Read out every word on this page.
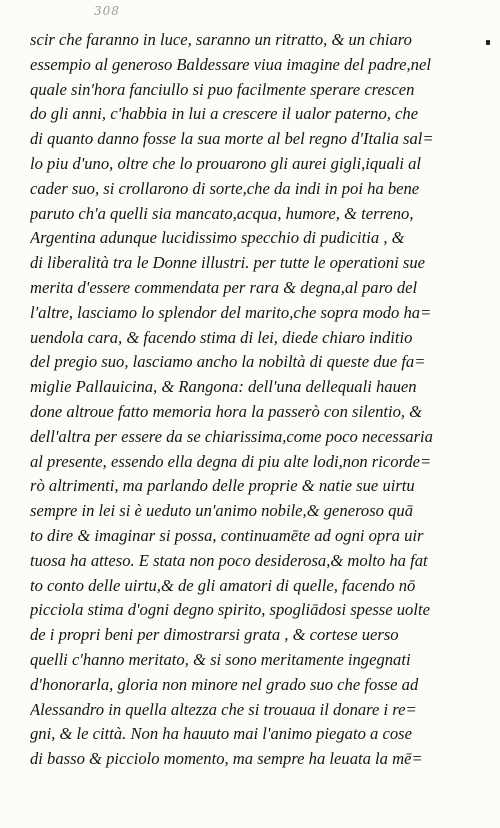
308
scir che faranno in luce, saranno un ritratto, & un chiaro
essempio al generoso Baldessare viua imagine del padre,nel
quale sin'hora fanciullo si puo facilmente sperare crescen
do gli anni, c'habbia in lui a crescere il ualor paterno, che
di quanto danno fosse la sua morte al bel regno d'Italia sal=
lo piu d'uno, oltre che lo prouarono gli aurei gigli,iquali al
cader suo, si crollarono di sorte,che da indi in poi ha bene
paruto ch'a quelli sia mancato,acqua, humore, & terreno,
Argentina adunque lucidissimo specchio di pudicitia , &
di liberalità tra le Donne illustri. per tutte le operationi sue
merita d'essere commendata per rara & degna,al paro del
l'altre, lasciamo lo splendor del marito,che sopra modo ha=
uendola cara, & facendo stima di lei, diede chiaro inditio
del pregio suo, lasciamo ancho la nobiltà di queste due fa=
miglie Pallauicina, & Rangona: dell'una dellequali hauen
done altroue fatto memoria hora la passerò con silentio, &
dell'altra per essere da se chiarissima,come poco necessaria
al presente, essendo ella degna di piu alte lodi,non ricorde=
rò altrimenti, ma parlando delle proprie & natie sue uirtu
sempre in lei si è ueduto un'animo nobile,& generoso quā
to dire & imaginar si possa, continuamēte ad ogni opra uir
tuosa ha atteso. E stata non poco desiderosa,& molto ha fat
to conto delle uirtu,& de gli amatori di quelle, facendo nō
picciola stima d'ogni degno spirito, spogliādosi spesse uolte
de i propri beni per dimostrarsi grata , & cortese uerso
quelli c'hanno meritato, & si sono meritamente ingegnati
d'honorarla, gloria non minore nel grado suo che fosse ad
Alessandro in quella altezza che si trouaua il donare i re=
gni, & le città. Non ha hauuto mai l'animo piegato a cose
di basso & picciolo momento, ma sempre ha leuata la mē=
